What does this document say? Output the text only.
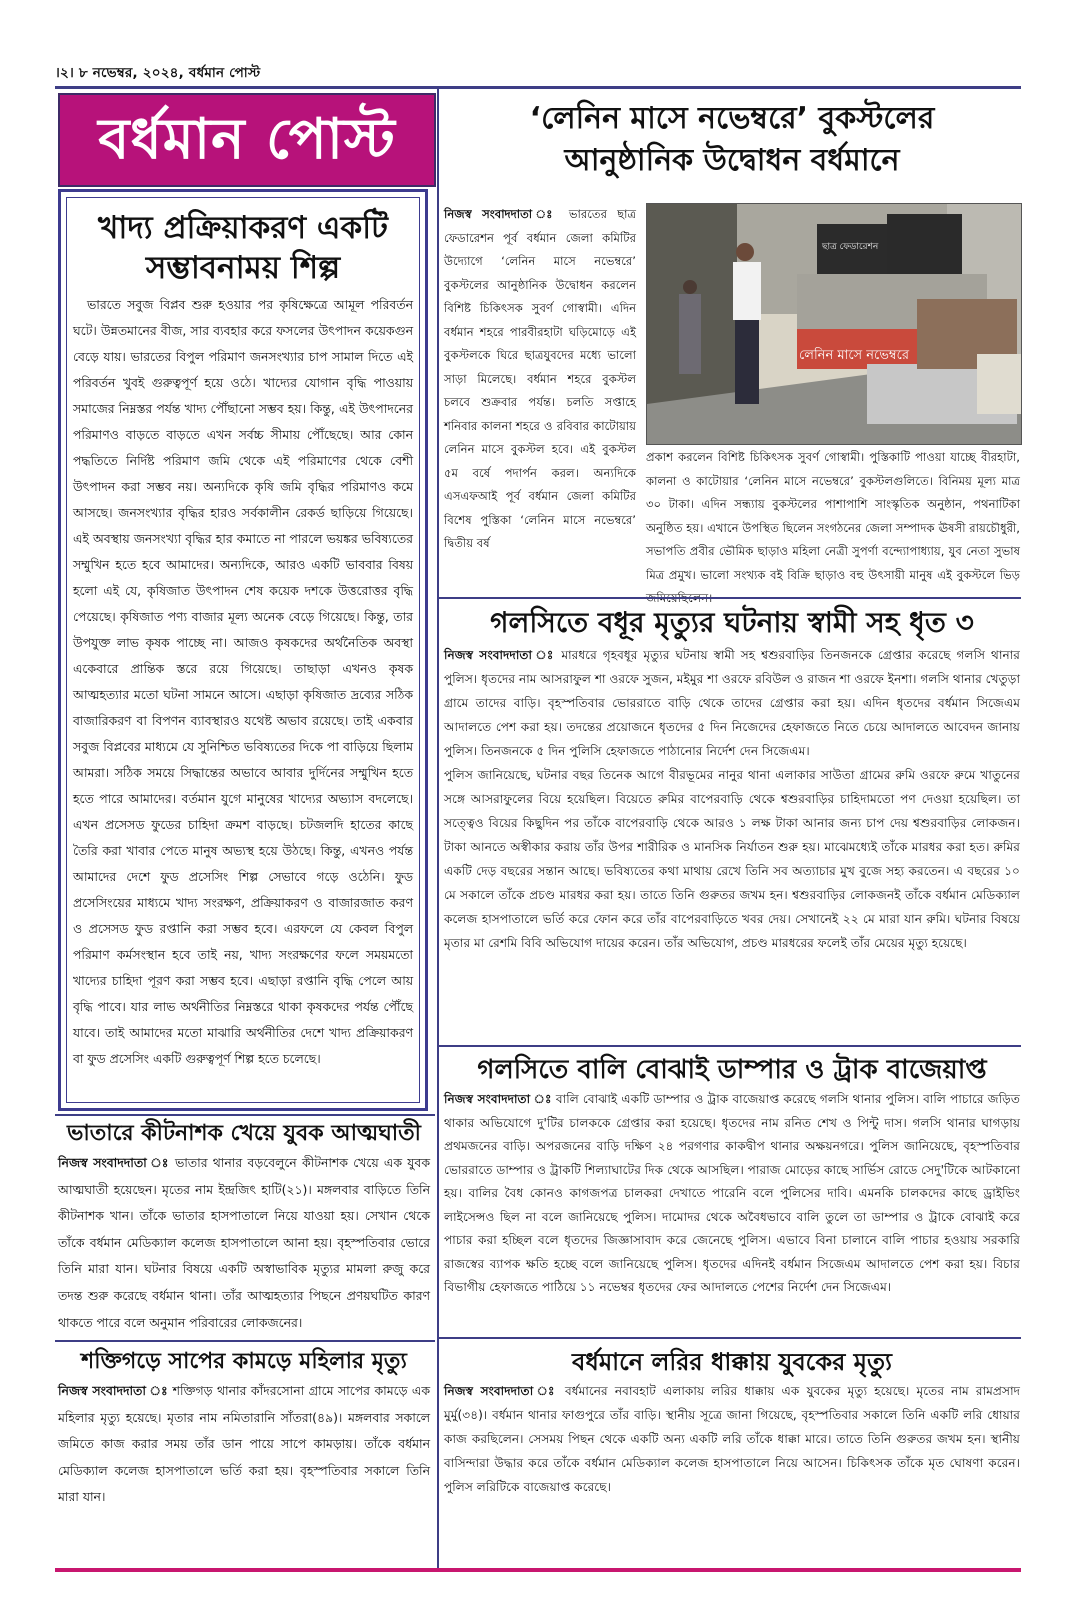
।২। ৮ নভেম্বর, ২০২৪, বর্ধমান পোস্ট
বর্ধমান পোস্ট
খাদ্য প্রক্রিয়াকরণ একটি সম্ভাবনাময় শিল্প

ভারতে সবুজ বিপ্লব শুরু হওয়ার পর কৃষিক্ষেত্রে আমূল পরিবর্তন ঘটে। উন্নতমানের বীজ, সার ব্যবহার করে ফসলের উৎপাদন কয়েকগুন বেড়ে যায়। ভারতের বিপুল পরিমাণ জনসংখ্যার চাপ সামাল দিতে এই পরিবর্তন খুবই গুরুত্বপূর্ণ হয়ে ওঠে। খাদ্যের যোগান বৃদ্ধি পাওয়ায় সমাজের নিম্নস্তর পর্যন্ত খাদ্য পৌঁছানো সম্ভব হয়। কিন্তু, এই উৎপাদনের পরিমাণও বাড়তে বাড়তে এখন সর্বচ্চ সীমায় পৌঁছেছে। আর কোন পদ্ধতিতে নির্দিষ্ট পরিমাণ জমি থেকে এই পরিমাণের থেকে বেশী উৎপাদন করা সম্ভব নয়। অন্যদিকে কৃষি জমি বৃদ্ধির পরিমাণও কমে আসছে। জনসংখ্যার বৃদ্ধির হারও সর্বকালীন রেকর্ড ছাড়িয়ে গিয়েছে। এই অবস্থায় জনসংখ্যা বৃদ্ধির হার কমাতে না পারলে ভয়ঙ্কর ভবিষ্যতের সম্মুখিন হতে হবে আমাদের। অন্যদিকে, আরও একটি ভাববার বিষয় হলো এই যে, কৃষিজাত উৎপাদন শেষ কয়েক দশকে উত্তরোত্তর বৃদ্ধি পেয়েছে। কৃষিজাত পণ্য বাজার মূল্য অনেক বেড়ে গিয়েছে। কিন্তু, তার উপযুক্ত লাভ কৃষক পাচ্ছে না। আজও কৃষকদের অর্থনৈতিক অবস্থা একেবারে প্রান্তিক স্তরে রয়ে গিয়েছে। তাছাড়া এখনও কৃষক আত্মহত্যার মতো ঘটনা সামনে আসে। এছাড়া কৃষিজাত দ্রব্যের সঠিক বাজারিকরণ বা বিপণন ব্যাবস্থারও যথেষ্ট অভাব রয়েছে। তাই একবার সবুজ বিপ্লবের মাধ্যমে যে সুনিশ্চিত ভবিষ্যতের দিকে পা বাড়িয়ে ছিলাম আমরা। সঠিক সময়ে সিদ্ধান্তের অভাবে আবার দুর্দিনের সম্মুখিন হতে হতে পারে আমাদের। বর্তমান যুগে মানুষের খাদ্যের অভ্যাস বদলেছে। এখন প্রসেসড ফুডের চাহিদা ক্রমশ বাড়ছে। চটজলদি হাতের কাছে তৈরি করা খাবার পেতে মানুষ অভ্যস্থ হয়ে উঠছে। কিন্তু, এখনও পর্যন্ত আমাদের দেশে ফুড প্রসেসিং শিল্প সেভাবে গড়ে ওঠেনি। ফুড প্রসেসিংয়ের মাধ্যমে খাদ্য সংরক্ষণ, প্রক্রিয়াকরণ ও বাজারজাত করণ ও প্রসেসড ফুড রপ্তানি করা সম্ভব হবে। এরফলে যে কেবল বিপুল পরিমাণ কর্মসংস্থান হবে তাই নয়, খাদ্য সংরক্ষণের ফলে সময়মতো খাদ্যের চাহিদা পূরণ করা সম্ভব হবে। এছাড়া রপ্তানি বৃদ্ধি পেলে আয় বৃদ্ধি পাবে। যার লাভ অর্থনীতির নিম্নস্তরে থাকা কৃষকদের পর্যন্ত পৌঁছে যাবে। তাই আমাদের মতো মাঝারি অর্থনীতির দেশে খাদ্য প্রক্রিয়াকরণ বা ফুড প্রসেসিং একটি গুরুত্বপূর্ণ শিল্প হতে চলেছে।

ভাতারে কীটনাশক খেয়ে যুবক আত্মঘাতী
নিজস্ব সংবাদদাতা ঃ ভাতার থানার বড়বেলুনে কীটনাশক খেয়ে এক যুবক আত্মঘাতী হয়েছেন। মৃতের নাম ইন্দ্রজিৎ হাটি(২১)। মঙ্গলবার বাড়িতে তিনি কীটনাশক খান। তাঁকে ভাতার হাসপাতালে নিয়ে যাওয়া হয়। সেখান থেকে তাঁকে বর্ধমান মেডিক্যাল কলেজ হাসপাতালে আনা হয়। বৃহস্পতিবার ভোরে তিনি মারা যান। ঘটনার বিষয়ে একটি অস্বাভাবিক মৃত্যুর মামলা রুজু করে তদন্ত শুরু করেছে বর্ধমান থানা। তাঁর আত্মহত্যার পিছনে প্রণয়ঘটিত কারণ থাকতে পারে বলে অনুমান পরিবারের লোকজনের।
শক্তিগড়ে সাপের কামড়ে মহিলার মৃত্যু
নিজস্ব সংবাদদাতা ঃ শক্তিগড় থানার কাঁদরসোনা গ্রামে সাপের কামড়ে এক মহিলার মৃত্যু হয়েছে। মৃতার নাম নমিতারানি সাঁতরা(৪৯)। মঙ্গলবার সকালে জমিতে কাজ করার সময় তাঁর ডান পায়ে সাপে কামড়ায়। তাঁকে বর্ধমান মেডিক্যাল কলেজ হাসপাতালে ভর্তি করা হয়। বৃহস্পতিবার সকালে তিনি মারা যান।
‘লেনিন মাসে নভেম্বরে’ বুকস্টলের আনুষ্ঠানিক উদ্বোধন বর্ধমানে
নিজস্ব সংবাদদাতা ঃ ভারতের ছাত্র ফেডারেশন পূর্ব বর্ধমান জেলা কমিটির উদ্যোগে ‘লেনিন মাসে নভেম্বরে’ বুকস্টলের আনুষ্ঠানিক উদ্বোধন করলেন বিশিষ্ট চিকিৎসক সুবর্ণ গোস্বামী। এদিন বর্ধমান শহরে পারবীরহাটা ঘড়িমোড়ে এই বুকস্টলকে ঘিরে ছাত্রযুবদের মধ্যে ভালো সাড়া মিলেছে। বর্ধমান শহরে বুকস্টল চলবে শুক্রবার পর্যন্ত। চলতি সপ্তাহে শনিবার কালনা শহরে ও রবিবার কাটোয়ায় লেনিন মাসে বুকস্টল হবে। এই বুকস্টল ৫ম বর্ষে পদার্পন করল। অন্যদিকে এসএফআই পূর্ব বর্ধমান জেলা কমিটির বিশেষ পুস্তিকা ‘লেনিন মাসে নভেম্বরে’ দ্বিতীয় বর্ষ
লেনিন মাসে নভেম্বরে
ছাত্র ফেডারেশন
প্রকাশ করলেন বিশিষ্ট চিকিৎসক সুবর্ণ গোস্বামী। পুস্তিকাটি পাওয়া যাচ্ছে বীরহাটা, কালনা ও কাটোয়ার ‘লেনিন মাসে নভেম্বরে’ বুকস্টলগুলিতে। বিনিময় মূল্য মাত্র ৩০ টাকা। এদিন সন্ধ্যায় বুকস্টলের পাশাপাশি সাংস্কৃতিক অনুষ্ঠান, পথনাটিকা অনুষ্ঠিত হয়। এখানে উপস্থিত ছিলেন সংগঠনের জেলা সম্পাদক ঊষসী রায়চৌধুরী, সভাপতি প্রবীর ভৌমিক ছাড়াও মহিলা নেত্রী সুপর্ণা বন্দ্যোপাধ্যায়, যুব নেতা সুভাষ মিত্র প্রমুখ। ভালো সংখ্যক বই বিক্রি ছাড়াও বহু উৎসায়ী মানুষ এই বুকস্টলে ভিড়
গলসিতে বধূর মৃত্যুর ঘটনায় স্বামী সহ ধৃত ৩
নিজস্ব সংবাদদাতা ঃ মারধরে গৃহবধূর মৃত্যুর ঘটনায় স্বামী সহ শ্বশুরবাড়ির তিনজনকে গ্রেপ্তার করেছে গলসি থানার পুলিস। ধৃতদের নাম আসরাফুল শা ওরফে সুজন, মইমুর শা ওরফে রবিউল ও রাজন শা ওরফে ইনশা। গলসি থানার খেতুড়া গ্রামে তাদের বাড়ি। বৃহস্পতিবার ভোররাতে বাড়ি থেকে তাদের গ্রেপ্তার করা হয়। এদিন ধৃতদের বর্ধমান সিজেএম আদালতে পেশ করা হয়। তদন্তের প্রয়োজনে ধৃতদের ৫ দিন নিজেদের হেফাজতে নিতে চেয়ে আদালতে আবেদন জানায় পুলিস। তিনজনকে ৫ দিন পুলিসি হেফাজতে পাঠানোর নির্দেশ দেন সিজেএম।
পুলিস জানিয়েছে, ঘটনার বছর তিনেক আগে বীরভূমের নানুর থানা এলাকার সাউতা গ্রামের রুমি ওরফে রুমে খাতুনের সঙ্গে আসরাফুলের বিয়ে হয়েছিল। বিয়েতে রুমির বাপেরবাড়ি থেকে শ্বশুরবাড়ির চাহিদামতো পণ দেওয়া হয়েছিল। তা সত্ত্বেও বিয়ের কিছুদিন পর তাঁকে বাপেরবাড়ি থেকে আরও ১ লক্ষ টাকা আনার জন্য চাপ দেয় শ্বশুরবাড়ির লোকজন। টাকা আনতে অস্বীকার করায় তাঁর উপর শারীরিক ও মানসিক নির্যাতন শুরু হয়। মাঝেমধ্যেই তাঁকে মারধর করা হত। রুমির একটি দেড় বছরের সন্তান আছে। ভবিষ্যতের কথা মাথায় রেখে তিনি সব অত্যাচার মুখ বুজে সহ্য করতেন। এ বছরের ১০ মে সকালে তাঁকে প্রচণ্ড মারধর করা হয়। তাতে তিনি গুরুতর জখম হন। শ্বশুরবাড়ির লোকজনই তাঁকে বর্ধমান মেডিক্যাল কলেজ হাসপাতালে ভর্তি করে ফোন করে তাঁর বাপেরবাড়িতে খবর দেয়। সেখানেই ২২ মে মারা যান রুমি। ঘটনার বিষয়ে মৃতার মা রেশমি বিবি অভিযোগ দায়ের করেন। তাঁর অভিযোগ, প্রচণ্ড মারধরের ফলেই তাঁর মেয়ের মৃত্যু হয়েছে।
গলসিতে বালি বোঝাই ডাম্পার ও ট্রাক বাজেয়াপ্ত
নিজস্ব সংবাদদাতা ঃ বালি বোঝাই একটি ডাম্পার ও ট্রাক বাজেয়াপ্ত করেছে গলসি থানার পুলিস। বালি পাচারে জড়িত থাকার অভিযোগে দু'টির চালককে গ্রেপ্তার করা হয়েছে। ধৃতদের নাম রনিত শেখ ও পিন্টু দাস। গলসি থানার ঘাগড়ায় প্রথমজনের বাড়ি। অপরজনের বাড়ি দক্ষিণ ২৪ পরগণার কাকদ্বীপ থানার অক্ষয়নগরে। পুলিস জানিয়েছে, বৃহস্পতিবার ভোররাতে ডাম্পার ও ট্রাকটি শিল্যাঘাটের দিক থেকে আসছিল। পারাজ মোড়ের কাছে সার্ভিস রোডে সেদু'টিকে আটকানো হয়। বালির বৈধ কোনও কাগজপত্র চালকরা দেখাতে পারেনি বলে পুলিসের দাবি। এমনকি চালকদের কাছে ড্রাইভিং লাইসেন্সও ছিল না বলে জানিয়েছে পুলিস। দামোদর থেকে অবৈধভাবে বালি তুলে তা ডাম্পার ও ট্রাকে বোঝাই করে পাচার করা হচ্ছিল বলে ধৃতদের জিজ্ঞাসাবাদ করে জেনেছে পুলিস। এভাবে বিনা চালানে বালি পাচার হওয়ায় সরকারি রাজস্বের ব্যাপক ক্ষতি হচ্ছে বলে জানিয়েছে পুলিস। ধৃতদের এদিনই বর্ধমান সিজেএম আদালতে পেশ করা হয়। বিচার বিভাগীয় হেফাজতে পাঠিয়ে ১১ নভেম্বর ধৃতদের ফের আদালতে পেশের নির্দেশ দেন সিজেএম।
বর্ধমানে লরির ধাক্কায় যুবকের মৃত্যু
নিজস্ব সংবাদদাতা ঃ বর্ধমানের নবাবহাট এলাকায় লরির ধাক্কায় এক যুবকের মৃত্যু হয়েছে। মৃতের নাম রামপ্রসাদ মুর্মু(৩৪)। বর্ধমান থানার ফাগুপুরে তাঁর বাড়ি। স্থানীয় সূত্রে জানা গিয়েছে, বৃহস্পতিবার সকালে তিনি একটি লরি ধোয়ার কাজ করছিলেন। সেসময় পিছন থেকে একটি অন্য একটি লরি তাঁকে ধাক্কা মারে। তাতে তিনি গুরুতর জখম হন। স্থানীয় বাসিন্দারা উদ্ধার করে তাঁকে বর্ধমান মেডিক্যাল কলেজ হাসপাতালে নিয়ে আসেন। চিকিৎসক তাঁকে মৃত ঘোষণা করেন। পুলিস লরিটিকে বাজেয়াপ্ত করেছে।
